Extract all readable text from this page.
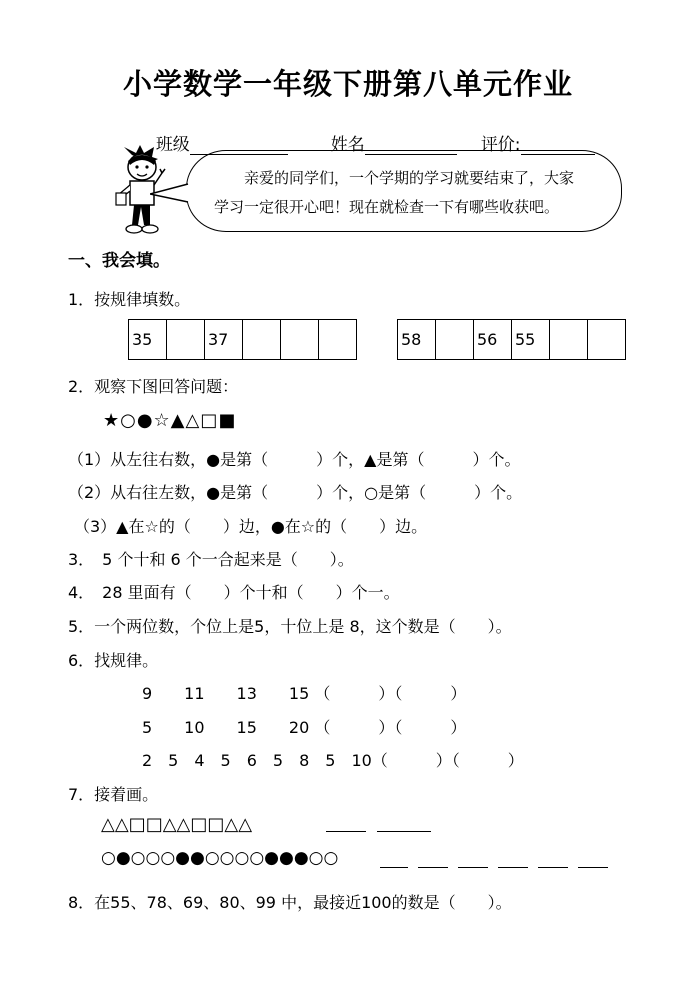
小学数学一年级下册第八单元作业

班级	姓名	评价:

亲爱的同学们，一个学期的学习就要结束了，大家
学习一定很开心吧！现在就检查一下有哪些收获吧。
一、我会填。
1．按规律填数。
35		37				58		56	55		
2．观察下图回答问题：
★○●☆▲△□■
（1）从左往右数，●是第（　　　）个，▲是第（　　　）个。
（2）从右往左数，●是第（　　　）个，○是第（　　　）个。
（3）▲在☆的（　　）边，●在☆的（　　）边。
3．　5 个十和 6 个一合起来是（　　）。
4．　28 里面有（　　）个十和（　　）个一。
5．一个两位数，个位上是5，十位上是 8，这个数是（　　）。
6．找规律。
9　　11　　13　　15 （　　　）（　　　）
5　　10　　15　　20 （　　　）（　　　）
2　5　4　5　6　5　8　5　10（　　　）（　　　）
7．接着画。
△△□□△△□□△△
○●○○○●●○○○○●●●○○
8．在55、78、69、80、99 中，最接近100的数是（　　）。
